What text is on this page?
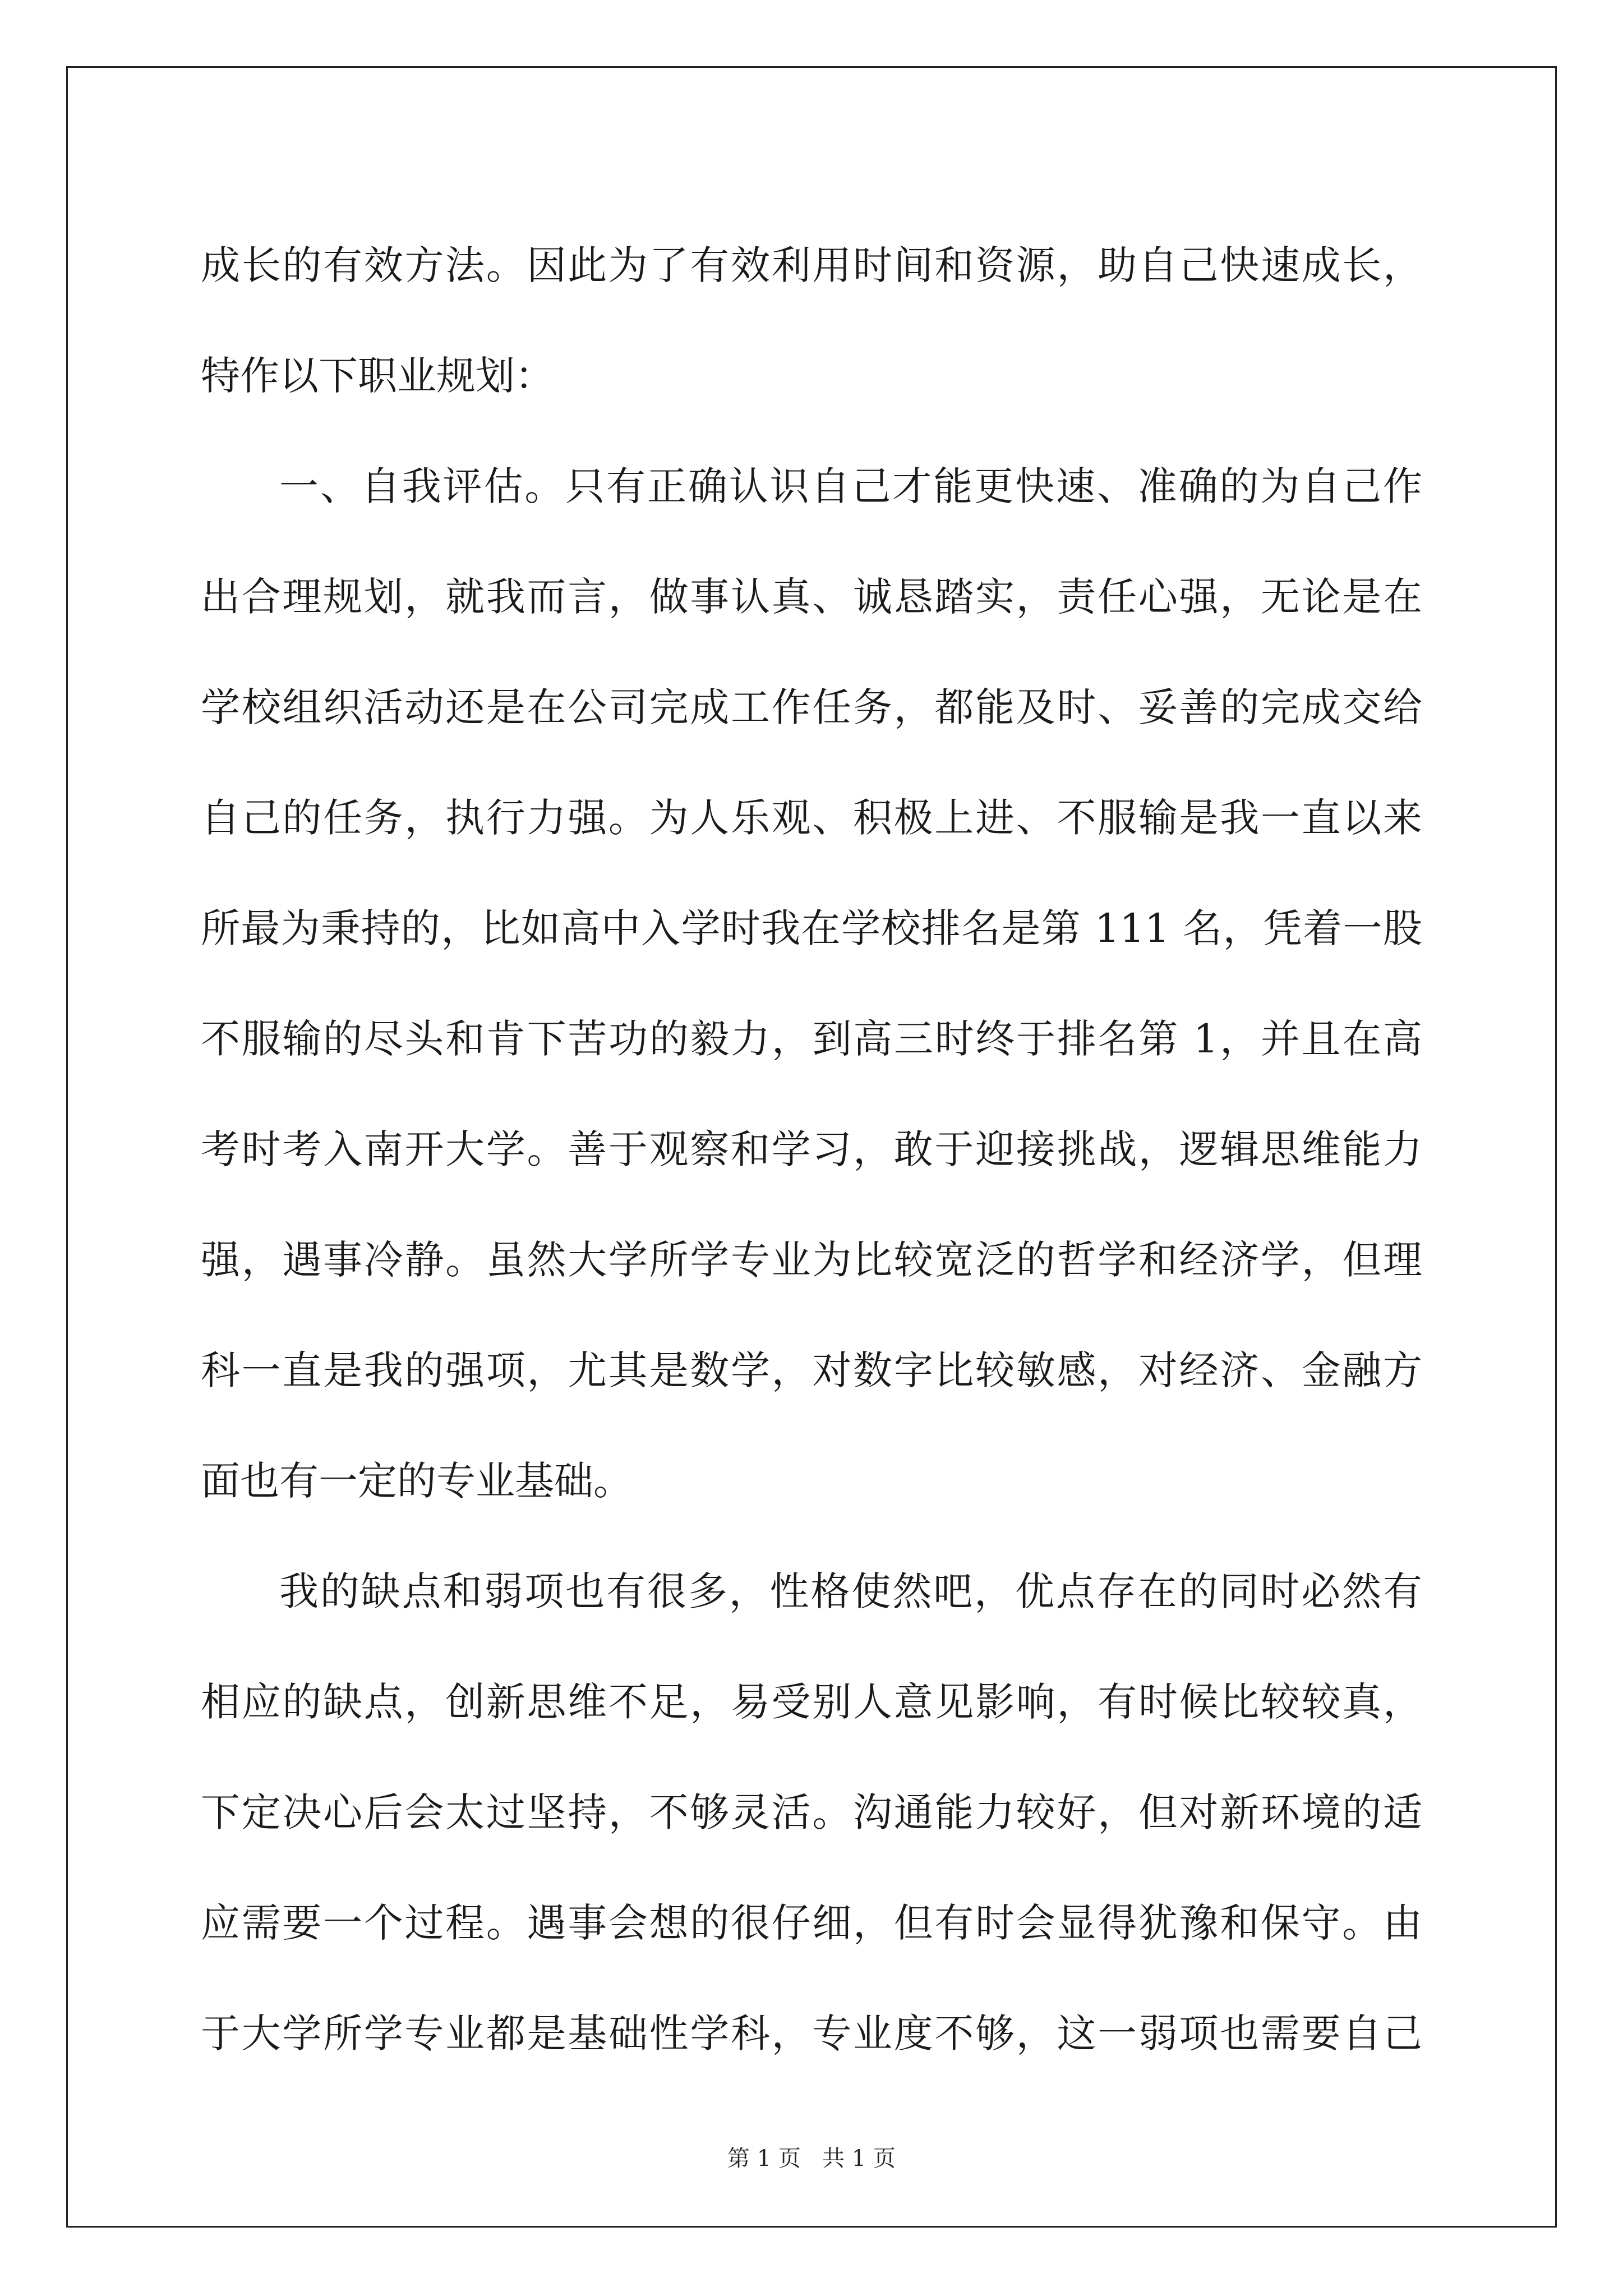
成长的有效方法。因此为了有效利用时间和资源，助自己快速成长，
特作以下职业规划：
一、自我评估。只有正确认识自己才能更快速、准确的为自己作
出合理规划，就我而言，做事认真、诚恳踏实，责任心强，无论是在
学校组织活动还是在公司完成工作任务，都能及时、妥善的完成交给
自己的任务，执行力强。为人乐观、积极上进、不服输是我一直以来
所最为秉持的，比如高中入学时我在学校排名是第 111 名，凭着一股
不服输的尽头和肯下苦功的毅力，到高三时终于排名第 1，并且在高
考时考入南开大学。善于观察和学习，敢于迎接挑战，逻辑思维能力
强，遇事冷静。虽然大学所学专业为比较宽泛的哲学和经济学，但理
科一直是我的强项，尤其是数学，对数字比较敏感，对经济、金融方
面也有一定的专业基础。
我的缺点和弱项也有很多，性格使然吧，优点存在的同时必然有
相应的缺点，创新思维不足，易受别人意见影响，有时候比较较真，
下定决心后会太过坚持，不够灵活。沟通能力较好，但对新环境的适
应需要一个过程。遇事会想的很仔细，但有时会显得犹豫和保守。由
于大学所学专业都是基础性学科，专业度不够，这一弱项也需要自己
第 1 页   共 1 页
